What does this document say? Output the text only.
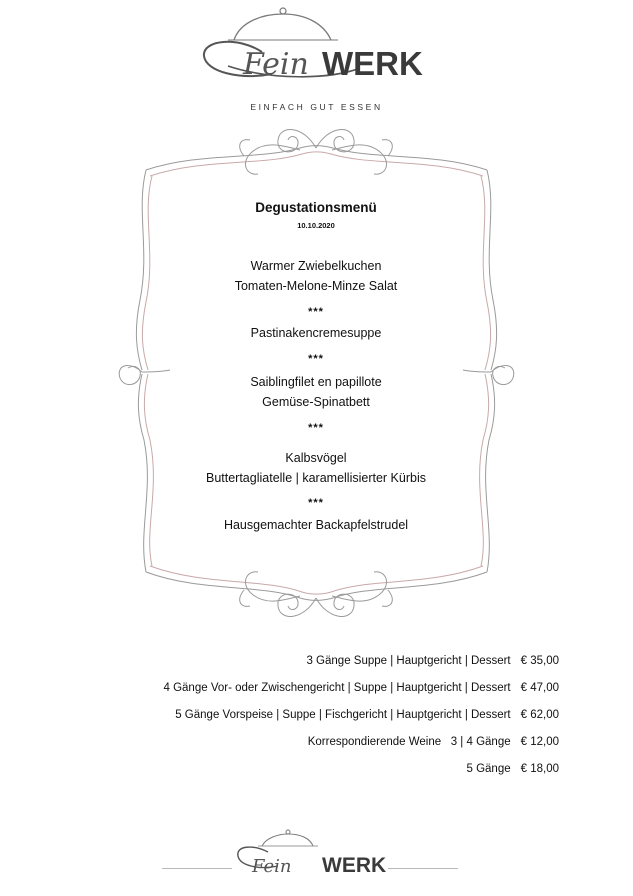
Fein WERK
EINFACH GUT ESSEN
Degustationsmenü
10.10.2020
Warmer Zwiebelkuchen
Tomaten-Melone-Minze Salat
***
Pastinakencremesuppe
***
Saiblingfilet en papillote
Gemüse-Spinatbett
***
Kalbsvögel
Buttertagliatelle | karamellisierter Kürbis
***
Hausgemachter Backapfelstrudel
3 Gänge Suppe | Hauptgericht | Dessert € 35,00
4 Gänge Vor- oder Zwischengericht | Suppe | Hauptgericht | Dessert € 47,00
5 Gänge Vorspeise | Suppe | Fischgericht | Hauptgericht | Dessert € 62,00
Korrespondierende Weine   3 | 4 Gänge € 12,00
5 Gänge € 18,00
Fein WERK
